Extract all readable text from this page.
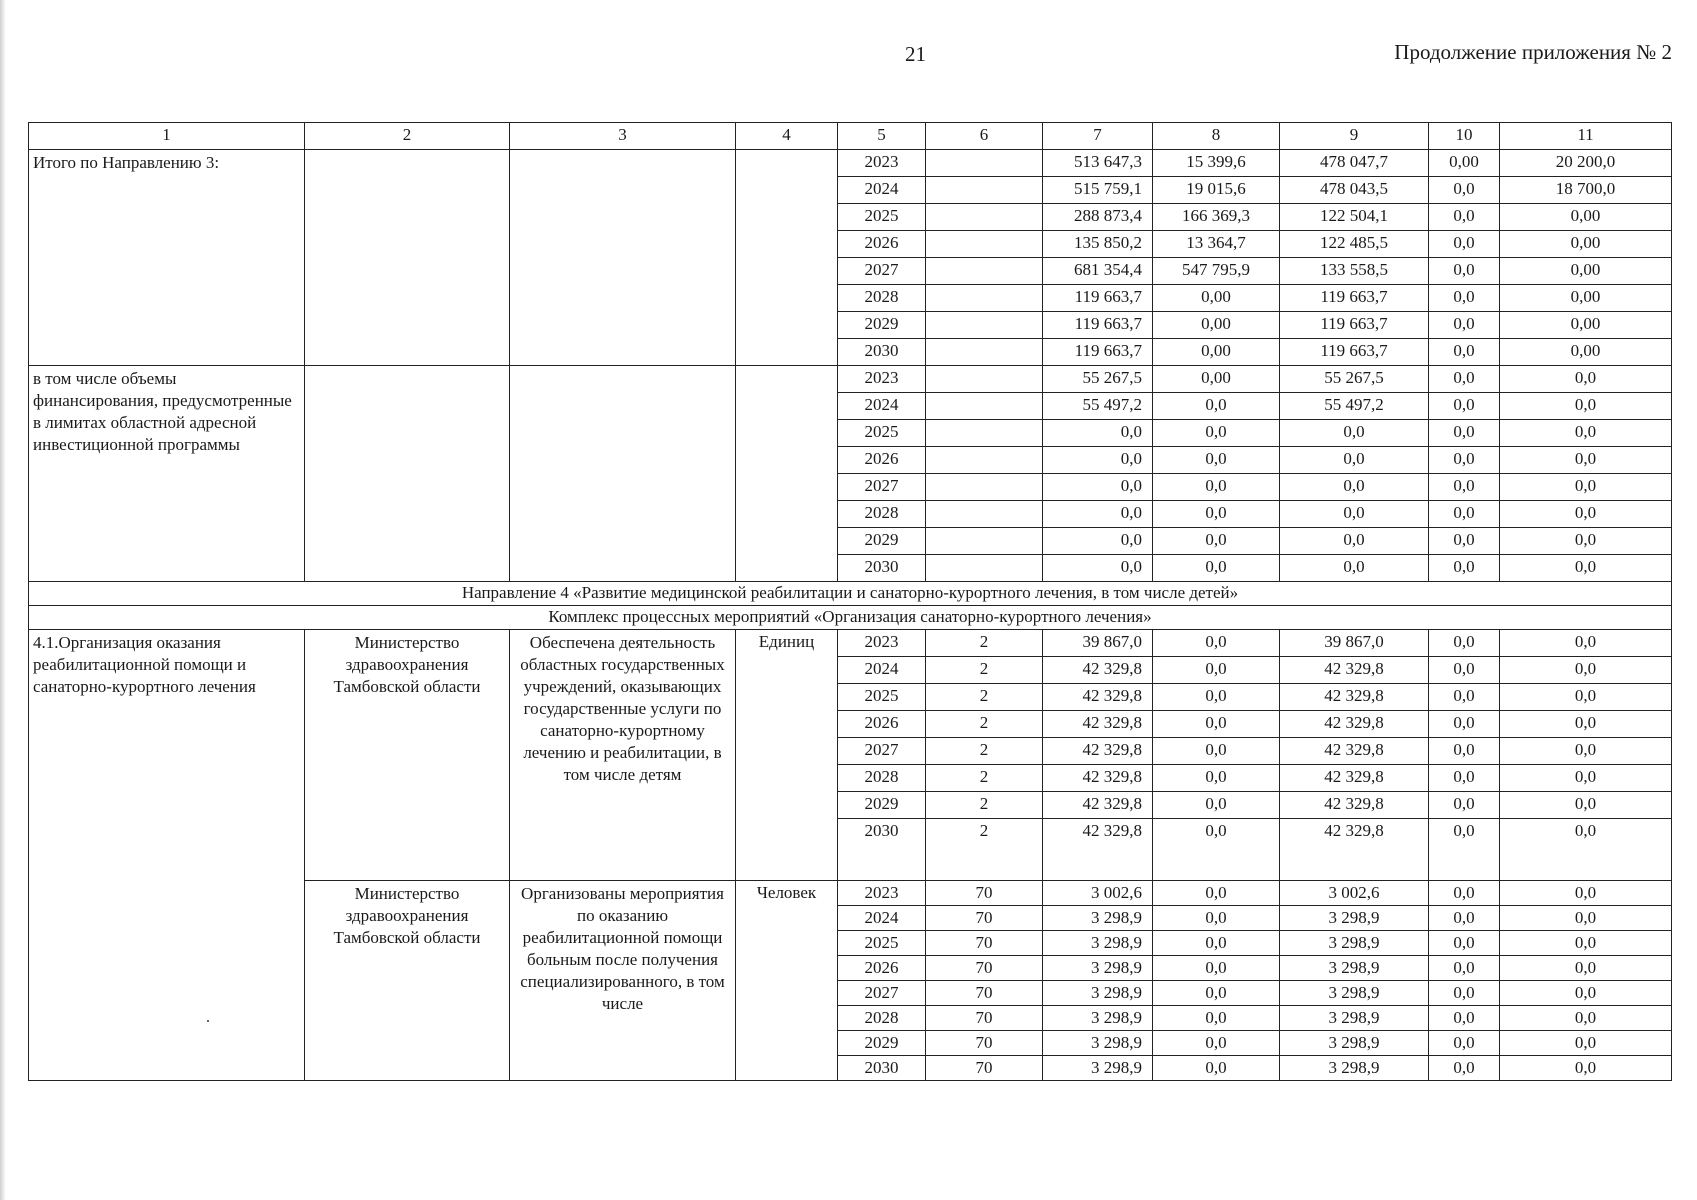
21	Продолжение приложения № 2
1	2	3	4	5	6	7	8	9	10	11
Итого по Направлению 3:				2023		513 647,3	15 399,6	478 047,7	0,00	20 200,0
				2024		515 759,1	19 015,6	478 043,5	0,0	18 700,0
				2025		288 873,4	166 369,3	122 504,1	0,0	0,00
				2026		135 850,2	13 364,7	122 485,5	0,0	0,00
				2027		681 354,4	547 795,9	133 558,5	0,0	0,00
				2028		119 663,7	0,00	119 663,7	0,0	0,00
				2029		119 663,7	0,00	119 663,7	0,0	0,00
				2030		119 663,7	0,00	119 663,7	0,0	0,00
в том числе объемы финансирования, предусмотренные в лимитах областной адресной инвестиционной программы				2023		55 267,5	0,00	55 267,5	0,0	0,0
				2024		55 497,2	0,0	55 497,2	0,0	0,0
				2025		0,0	0,0	0,0	0,0	0,0
				2026		0,0	0,0	0,0	0,0	0,0
				2027		0,0	0,0	0,0	0,0	0,0
				2028		0,0	0,0	0,0	0,0	0,0
				2029		0,0	0,0	0,0	0,0	0,0
				2030		0,0	0,0	0,0	0,0	0,0
Направление 4 «Развитие медицинской реабилитации и санаторно-курортного лечения, в том числе детей»										
Комплекс процессных мероприятий «Организация санаторно-курортного лечения»										
4.1.Организация оказания реабилитационной помощи и санаторно-курортного лечения	Министерство здравоохранения Тамбовской области	Обеспечена деятельность областных государственных учреждений, оказывающих государственные услуги по санаторно-курортному лечению и реабилитации, в том числе детям	Единиц	2023	2	39 867,0	0,0	39 867,0	0,0	0,0
				2024	2	42 329,8	0,0	42 329,8	0,0	0,0
				2025	2	42 329,8	0,0	42 329,8	0,0	0,0
				2026	2	42 329,8	0,0	42 329,8	0,0	0,0
				2027	2	42 329,8	0,0	42 329,8	0,0	0,0
				2028	2	42 329,8	0,0	42 329,8	0,0	0,0
				2029	2	42 329,8	0,0	42 329,8	0,0	0,0
				2030	2	42 329,8	0,0	42 329,8	0,0	0,0
	Министерство здравоохранения Тамбовской области	Организованы мероприятия по оказанию реабилитационной помощи больным после получения специализированного, в том числе	Человек	2023	70	3 002,6	0,0	3 002,6	0,0	0,0
				2024	70	3 298,9	0,0	3 298,9	0,0	0,0
				2025	70	3 298,9	0,0	3 298,9	0,0	0,0
				2026	70	3 298,9	0,0	3 298,9	0,0	0,0
				2027	70	3 298,9	0,0	3 298,9	0,0	0,0
				2028	70	3 298,9	0,0	3 298,9	0,0	0,0
				2029	70	3 298,9	0,0	3 298,9	0,0	0,0
				2030	70	3 298,9	0,0	3 298,9	0,0	0,0
